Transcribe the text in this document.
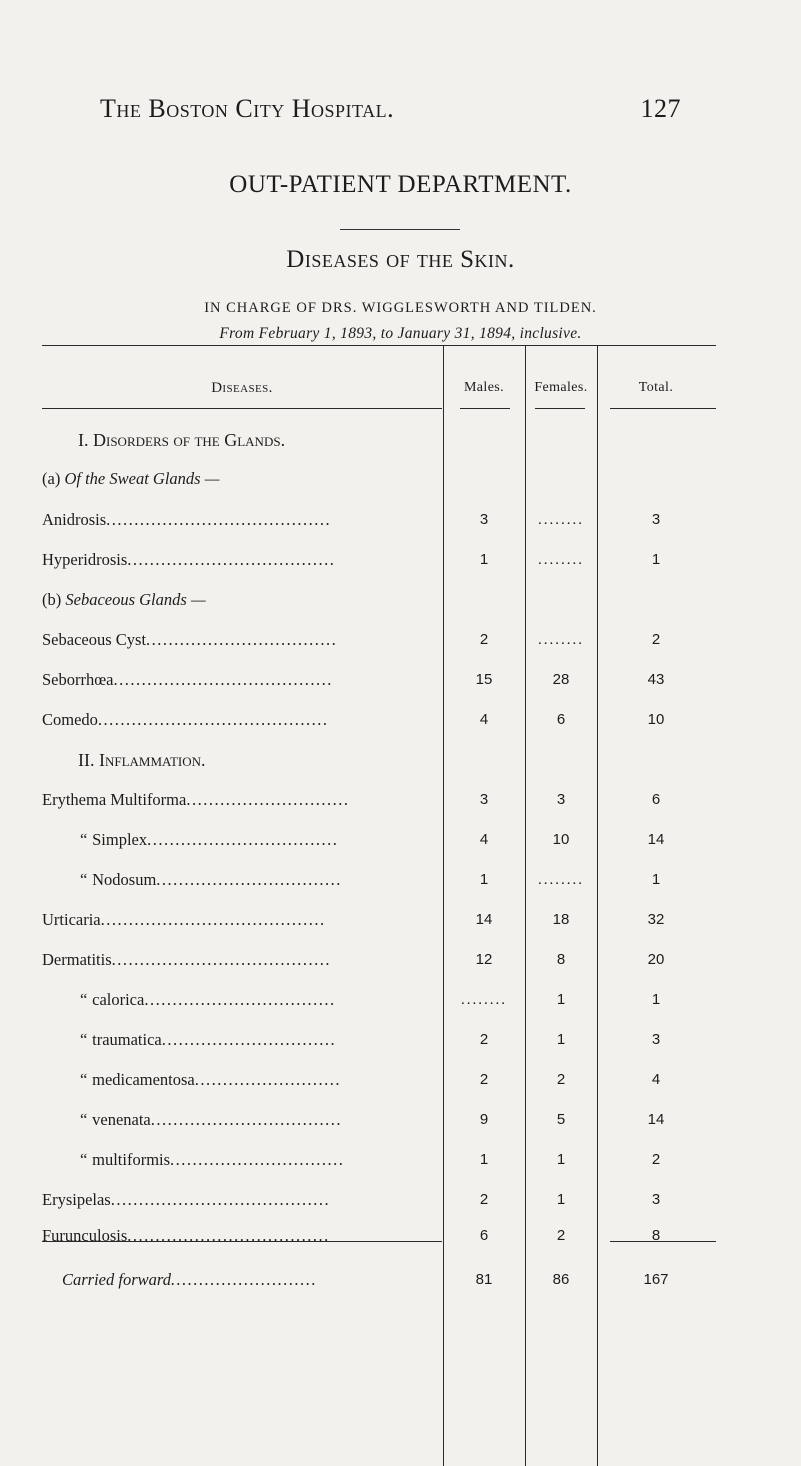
The Boston City Hospital.	127
OUT-PATIENT DEPARTMENT.
Diseases of the Skin.
IN CHARGE OF DRS. WIGGLESWORTH AND TILDEN.
From February 1, 1893, to January 31, 1894, inclusive.
Diseases.	Males.	Females.	Total.
I. Disorders of the Glands.
(a) Of the Sweat Glands —
Anidrosis........................................	3	........	3
Hyperidrosis.....................................	1	........	1
(b) Sebaceous Glands —
Sebaceous Cyst..................................	2	........	2
Seborrhœa.......................................	15	28	43
Comedo.........................................	4	6	10
II. Inflammation.
Erythema Multiforma.............................	3	3	6
“ Simplex..................................	4	10	14
“ Nodosum.................................	1	........	1
Urticaria........................................	14	18	32
Dermatitis.......................................	12	8	20
“ calorica..................................	........	1	1
“ traumatica...............................	2	1	3
“ medicamentosa..........................	2	2	4
“ venenata..................................	9	5	14
“ multiformis...............................	1	1	2
Erysipelas.......................................	2	1	3
Furunculosis....................................	6	2	8
Carried forward..........................	81	86	167
